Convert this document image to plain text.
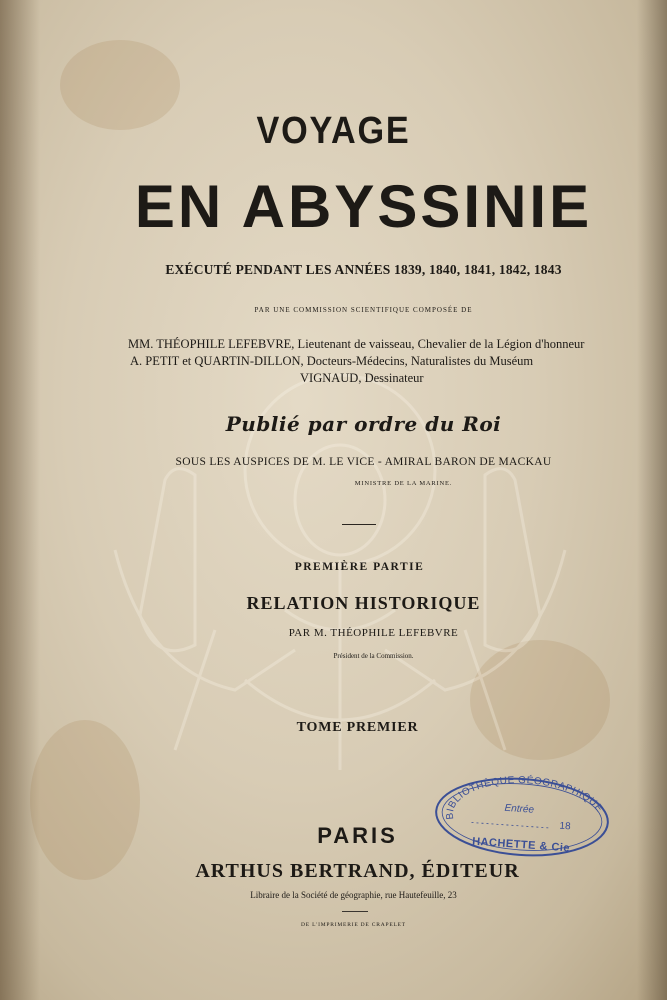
VOYAGE
EN ABYSSINIE
EXÉCUTÉ PENDANT LES ANNÉES 1839, 1840, 1841, 1842, 1843
PAR UNE COMMISSION SCIENTIFIQUE COMPOSÉE DE
MM. THÉOPHILE LEFEBVRE, Lieutenant de vaisseau, Chevalier de la Légion d'honneur
A. PETIT et QUARTIN-DILLON, Docteurs-Médecins, Naturalistes du Muséum
VIGNAUD, Dessinateur
Publié par ordre du Roi
SOUS LES AUSPICES DE M. LE VICE - AMIRAL BARON DE MACKAU
MINISTRE DE LA MARINE.
PREMIÈRE PARTIE
RELATION HISTORIQUE
PAR M. THÉOPHILE LEFEBVRE
Président de la Commission.
TOME PREMIER
PARIS
ARTHUS BERTRAND, ÉDITEUR
Libraire de la Société de géographie, rue Hautefeuille, 23
DE L'IMPRIMERIE DE CRAPELET
BIBLIOTHÈQUE GÉOGRAPHIQUE
Entrée
18
HACHETTE & Cie
